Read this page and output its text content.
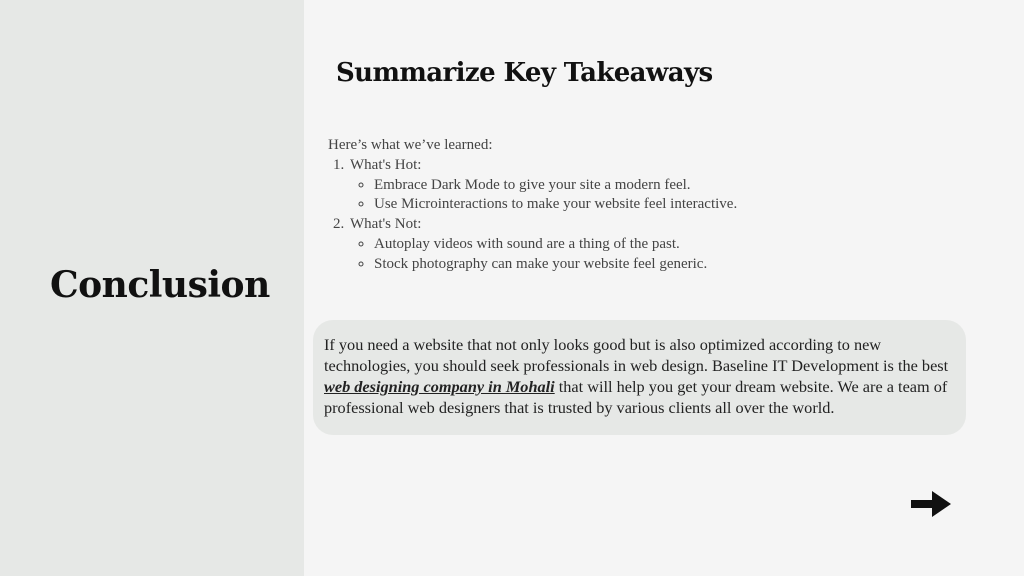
Conclusion
Summarize Key Takeaways
Here’s what we’ve learned:
1. What's Hot:
◦ Embrace Dark Mode to give your site a modern feel.
◦ Use Microinteractions to make your website feel interactive.
2. What's Not:
◦ Autoplay videos with sound are a thing of the past.
◦ Stock photography can make your website feel generic.
If you need a website that not only looks good but is also optimized according to new technologies, you should seek professionals in web design. Baseline IT Development is the best web designing company in Mohali that will help you get your dream website. We are a team of professional web designers that is trusted by various clients all over the world.
